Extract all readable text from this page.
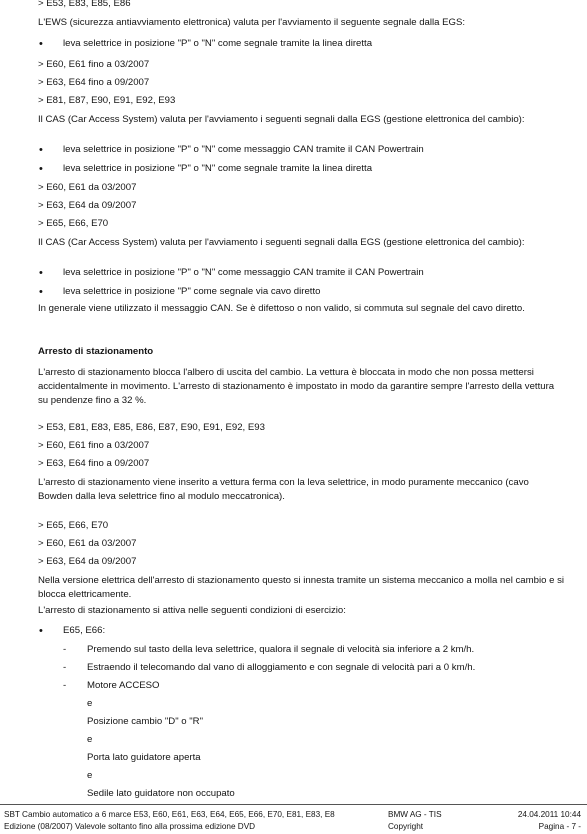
> E53, E83, E85, E86
L'EWS (sicurezza antiavviamento elettronica) valuta per l'avviamento il seguente segnale dalla EGS:
• leva selettrice in posizione "P" o "N" come segnale tramite la linea diretta
> E60, E61 fino a 03/2007
> E63, E64 fino a 09/2007
> E81, E87, E90, E91, E92, E93
Il CAS (Car Access System) valuta per l'avviamento i seguenti segnali dalla EGS (gestione elettronica del cambio):
• leva selettrice in posizione "P" o "N" come messaggio CAN tramite il CAN Powertrain
• leva selettrice in posizione "P" o "N" come segnale tramite la linea diretta
> E60, E61 da 03/2007
> E63, E64 da 09/2007
> E65, E66, E70
Il CAS (Car Access System) valuta per l'avviamento i seguenti segnali dalla EGS (gestione elettronica del cambio):
• leva selettrice in posizione "P" o "N" come messaggio CAN tramite il CAN Powertrain
• leva selettrice in posizione "P" come segnale via cavo diretto
In generale viene utilizzato il messaggio CAN. Se è difettoso o non valido, si commuta sul segnale del cavo diretto.
Arresto di stazionamento
L'arresto di stazionamento blocca l'albero di uscita del cambio. La vettura è bloccata in modo che non possa mettersi accidentalmente in movimento. L'arresto di stazionamento è impostato in modo da garantire sempre l'arresto della vettura su pendenze fino a 32 %.
> E53, E81, E83, E85, E86, E87, E90, E91, E92, E93
> E60, E61 fino a 03/2007
> E63, E64 fino a 09/2007
L'arresto di stazionamento viene inserito a vettura ferma con la leva selettrice, in modo puramente meccanico (cavo Bowden dalla leva selettrice fino al modulo meccatronica).
> E65, E66, E70
> E60, E61 da 03/2007
> E63, E64 da 09/2007
Nella versione elettrica dell'arresto di stazionamento questo si innesta tramite un sistema meccanico a molla nel cambio e si blocca elettricamente.
L'arresto di stazionamento si attiva nelle seguenti condizioni di esercizio:
• E65, E66:
- Premendo sul tasto della leva selettrice, qualora il segnale di velocità sia inferiore a 2 km/h.
- Estraendo il telecomando dal vano di alloggiamento e con segnale di velocità pari a 0 km/h.
- Motore ACCESO
e
Posizione cambio "D" o "R"
e
Porta lato guidatore aperta
e
Sedile lato guidatore non occupato
SBT Cambio automatico a 6 marce E53, E60, E61, E63, E64, E65, E66, E70, E81, E83, E8
Edizione (08/2007) Valevole soltanto fino alla prossima edizione DVD
BMW AG - TIS
Copyright
24.04.2011 10:44
Pagina - 7 -
